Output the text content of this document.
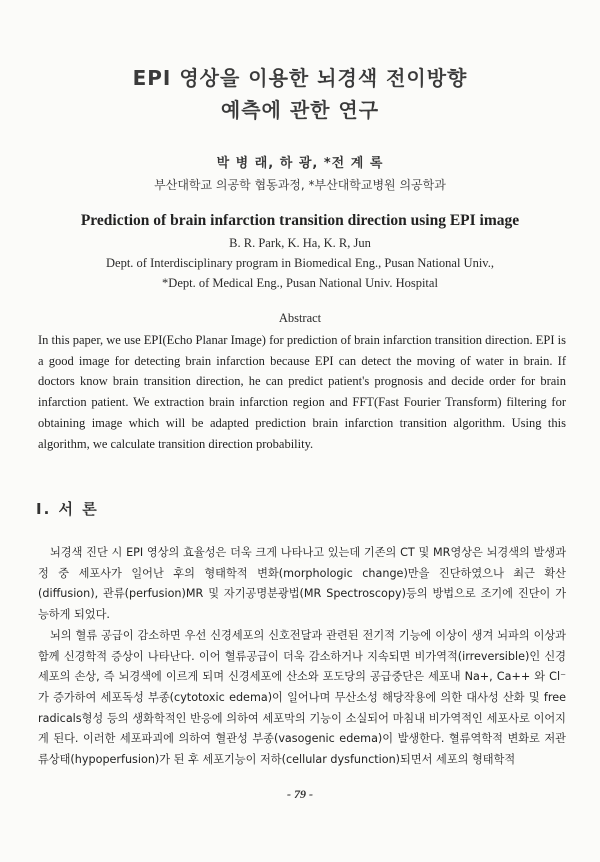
EPI 영상을 이용한 뇌경색 전이방향
예측에 관한 연구
박 병 래, 하 광, *전 계 록
부산대학교 의공학 협동과정, *부산대학교병원 의공학과
Prediction of brain infarction transition direction using EPI image
B. R. Park, K. Ha, K. R, Jun
Dept. of Interdisciplinary program in Biomedical Eng., Pusan National Univ.,
*Dept. of Medical Eng., Pusan National Univ. Hospital
Abstract
In this paper, we use EPI(Echo Planar Image) for prediction of brain infarction transition direction. EPI is a good image for detecting brain infarction because EPI can detect the moving of water in brain. If doctors know brain transition direction, he can predict patient's prognosis and decide order for brain infarction patient. We extraction brain infarction region and FFT(Fast Fourier Transform) filtering for obtaining image which will be adapted prediction brain infarction transition algorithm. Using this algorithm, we calculate transition direction probability.
I. 서 론

뇌경색 진단 시 EPI 영상의 효율성은 더욱 크게 나타나고 있는데 기존의 CT 및 MR영상은 뇌경색의 발생과정 중 세포사가 일어난 후의 형태학적 변화(morphologic change)만을 진단하였으나 최근 확산(diffusion), 관류(perfusion)MR 및 자기공명분광법(MR Spectroscopy)등의 방법으로 조기에 진단이 가능하게 되었다.

뇌의 혈류 공급이 감소하면 우선 신경세포의 신호전달과 관련된 전기적 기능에 이상이 생겨 뇌파의 이상과 함께 신경학적 증상이 나타난다. 이어 혈류공급이 더욱 감소하거나 지속되면 비가역적(irreversible)인 신경세포의 손상, 즉 뇌경색에 이르게 되며 신경세포에 산소와 포도당의 공급중단은 세포내 Na+, Ca++ 와 Cl⁻ 가 증가하여 세포독성 부종(cytotoxic edema)이 일어나며 무산소성 해당작용에 의한 대사성 산화 및 free radicals형성 등의 생화학적인 반응에 의하여 세포막의 기능이 소실되어 마침내 비가역적인 세포사로 이어지게 된다. 이러한 세포파괴에 의하여 혈관성 부종(vasogenic edema)이 발생한다. 혈류역학적 변화로 저관류상태(hypoperfusion)가 된 후 세포기능이 저하(cellular dysfunction)되면서 세포의 형태학적

- 79 -
